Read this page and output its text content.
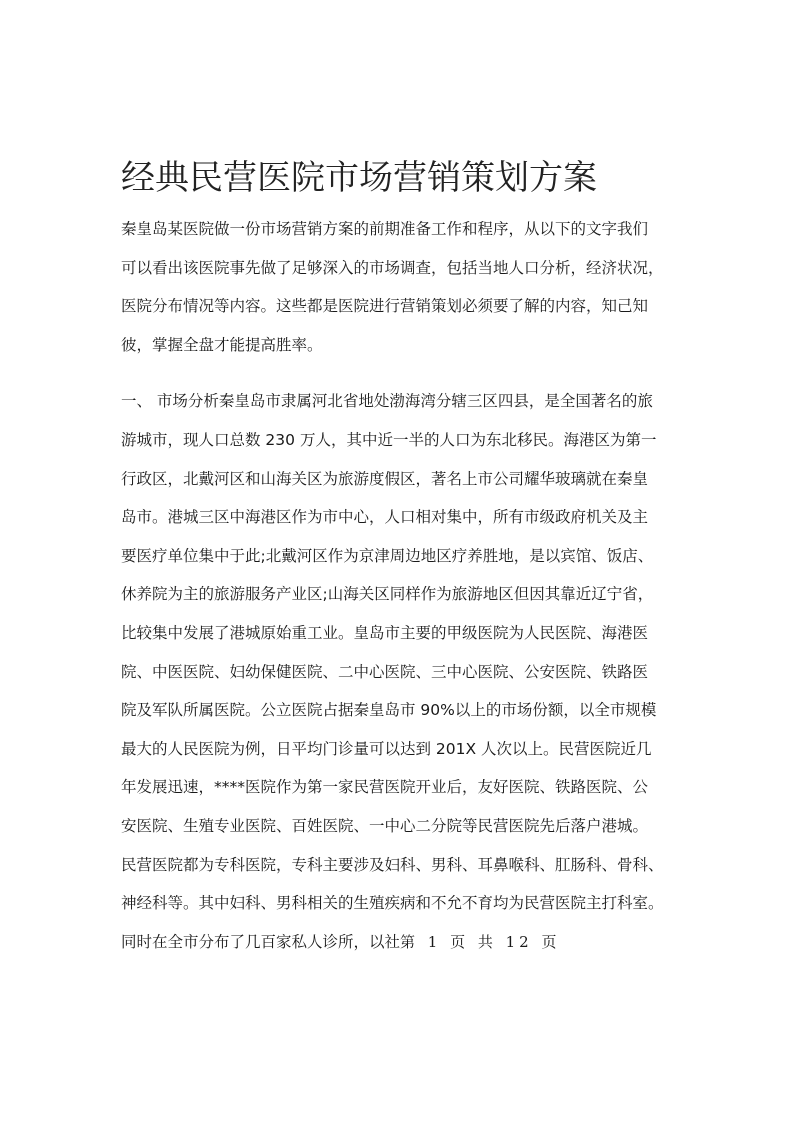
经典民营医院市场营销策划方案
秦皇岛某医院做一份市场营销方案的前期准备工作和程序，从以下的文字我们
可以看出该医院事先做了足够深入的市场调查，包括当地人口分析，经济状况，
医院分布情况等内容。这些都是医院进行营销策划必须要了解的内容，知己知
彼，掌握全盘才能提高胜率。
一、 市场分析秦皇岛市隶属河北省地处渤海湾分辖三区四县，是全国著名的旅
游城市，现人口总数 230 万人，其中近一半的人口为东北移民。海港区为第一
行政区，北戴河区和山海关区为旅游度假区，著名上市公司耀华玻璃就在秦皇
岛市。港城三区中海港区作为市中心，人口相对集中，所有市级政府机关及主
要医疗单位集中于此;北戴河区作为京津周边地区疗养胜地，是以宾馆、饭店、
休养院为主的旅游服务产业区;山海关区同样作为旅游地区但因其靠近辽宁省，
比较集中发展了港城原始重工业。皇岛市主要的甲级医院为人民医院、海港医
院、中医医院、妇幼保健医院、二中心医院、三中心医院、公安医院、铁路医
院及军队所属医院。公立医院占据秦皇岛市 90%以上的市场份额，以全市规模
最大的人民医院为例，日平均门诊量可以达到 201X 人次以上。民营医院近几
年发展迅速，****医院作为第一家民营医院开业后，友好医院、铁路医院、公
安医院、生殖专业医院、百姓医院、一中心二分院等民营医院先后落户港城。
民营医院都为专科医院，专科主要涉及妇科、男科、耳鼻喉科、肛肠科、骨科、
神经科等。其中妇科、男科相关的生殖疾病和不允不育均为民营医院主打科室。
同时在全市分布了几百家私人诊所，以社第 1 页 共 12 页
